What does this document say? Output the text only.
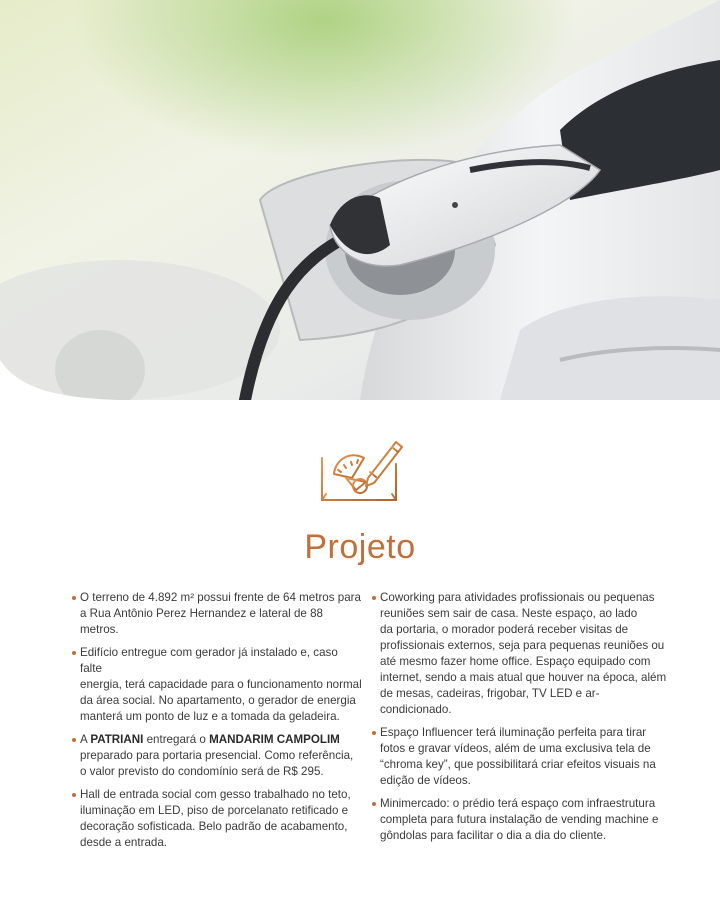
Projeto

O terreno de 4.892 m² possui frente de 64 metros para
a Rua Antônio Perez Hernandez e lateral de 88 metros.

Edifício entregue com gerador já instalado e, caso falte
energia, terá capacidade para o funcionamento normal
da área social. No apartamento, o gerador de energia
manterá um ponto de luz e a tomada da geladeira.

A PATRIANI entregará o MANDARIM CAMPOLIM
preparado para portaria presencial. Como referência,
o valor previsto do condomínio será de R$ 295.

Hall de entrada social com gesso trabalhado no teto,
iluminação em LED, piso de porcelanato retificado e
decoração sofisticada. Belo padrão de acabamento,
desde a entrada.

Coworking para atividades profissionais ou pequenas
reuniões sem sair de casa. Neste espaço, ao lado
da portaria, o morador poderá receber visitas de
profissionais externos, seja para pequenas reuniões ou
até mesmo fazer home office. Espaço equipado com
internet, sendo a mais atual que houver na época, além
de mesas, cadeiras, frigobar, TV LED e ar-condicionado.

Espaço Influencer terá iluminação perfeita para tirar
fotos e gravar vídeos, além de uma exclusiva tela de
“chroma key”, que possibilitará criar efeitos visuais na
edição de vídeos.

Minimercado: o prédio terá espaço com infraestrutura
completa para futura instalação de vending machine e
gôndolas para facilitar o dia a dia do cliente.
